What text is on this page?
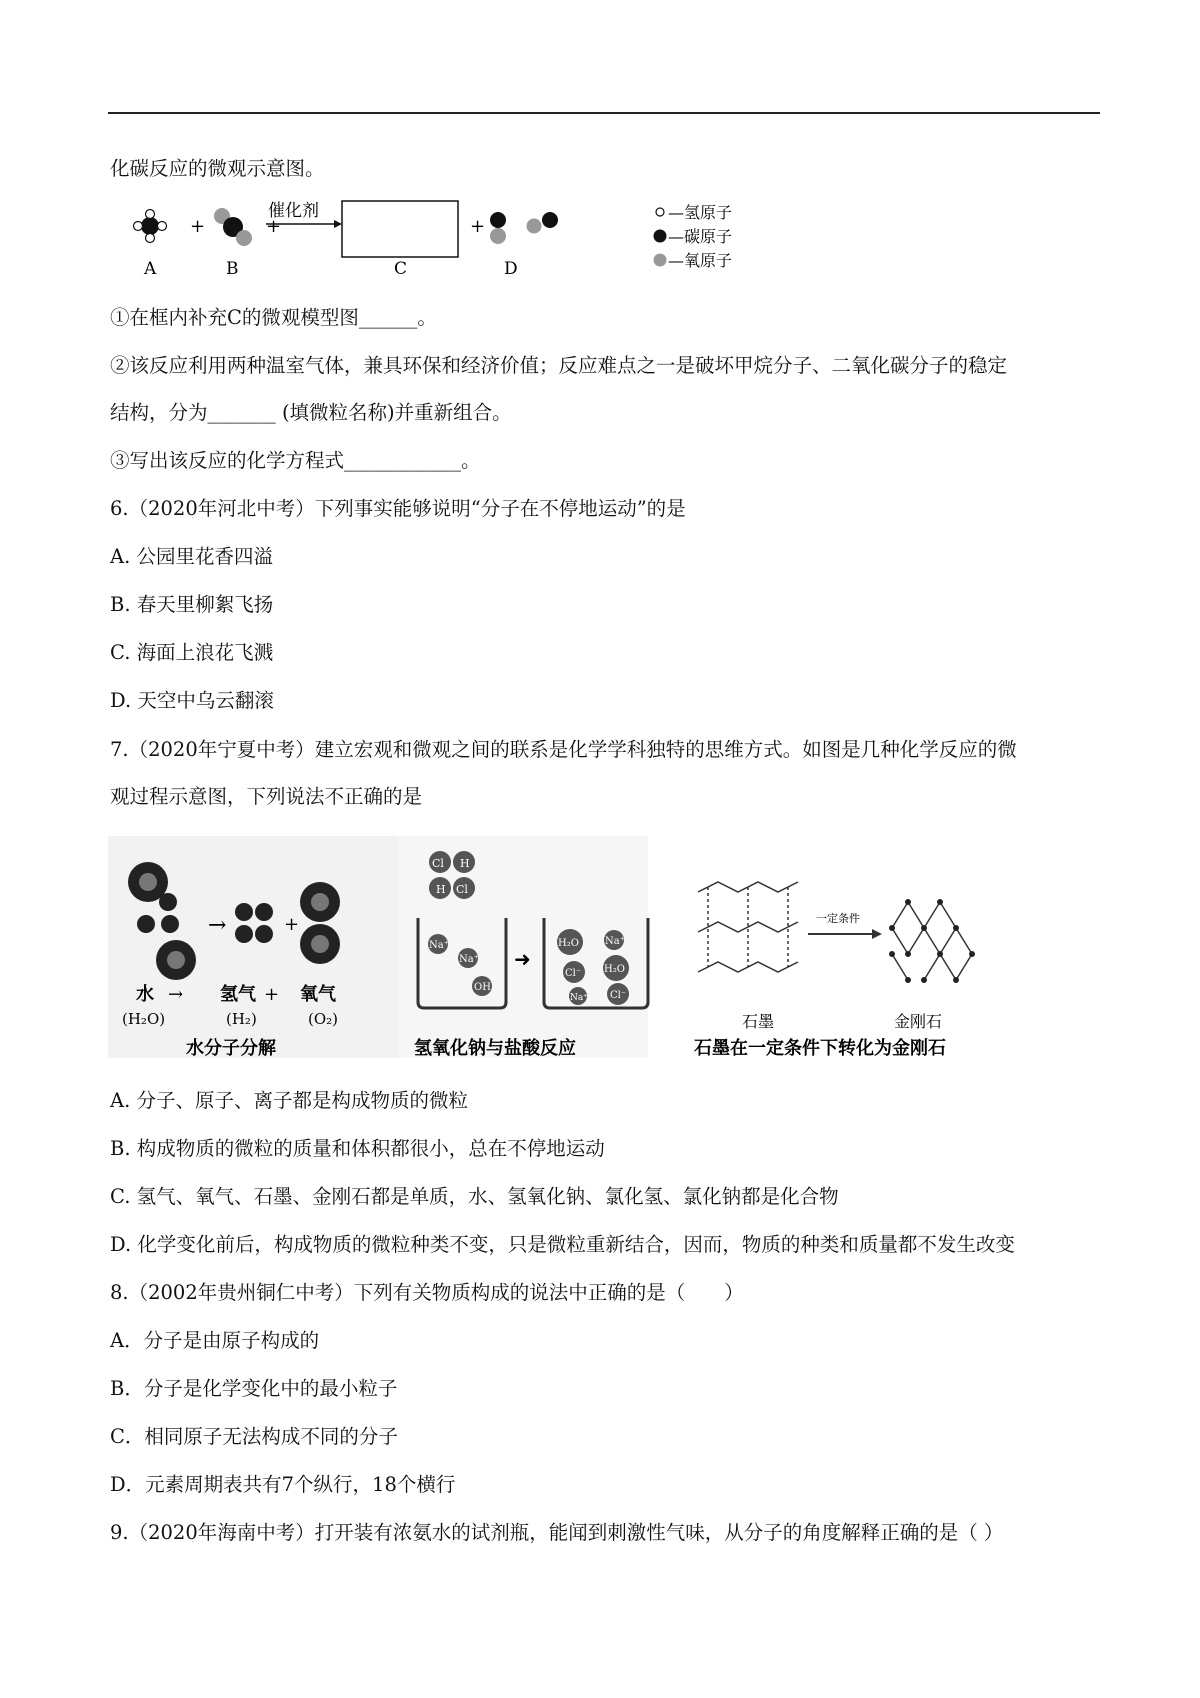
化碳反应的微观示意图。
+	+
催化剂
+
A	B	C	D
—氢原子
—碳原子
—氧原子
①在框内补充C的微观模型图______。
②该反应利用两种温室气体，兼具环保和经济价值；反应难点之一是破坏甲烷分子、二氧化碳分子的稳定
结构，分为_______ (填微粒名称)并重新组合。
③写出该反应的化学方程式____________。
6.（2020年河北中考）下列事实能够说明“分子在不停地运动”的是
A. 公园里花香四溢
B. 春天里柳絮飞扬
C. 海面上浪花飞溅
D. 天空中乌云翻滚
7.（2020年宁夏中考）建立宏观和微观之间的联系是化学学科独特的思维方式。如图是几种化学反应的微
观过程示意图，下列说法不正确的是
→	+
水 → 氢气 + 氧气
(H₂O)	(H₂)	(O₂)
水分子分解
Cl H
H Cl
Na⁺
Na⁺
OH
➜
H₂O	Na⁺
Cl⁻ H₂O
Na⁺ Cl⁻
氢氧化钠与盐酸反应
石墨
一定条件
金刚石
石墨在一定条件下转化为金刚石
A. 分子、原子、离子都是构成物质的微粒
B. 构成物质的微粒的质量和体积都很小，总在不停地运动
C. 氢气、氧气、石墨、金刚石都是单质，水、氢氧化钠、氯化氢、氯化钠都是化合物
D. 化学变化前后，构成物质的微粒种类不变，只是微粒重新结合，因而，物质的种类和质量都不发生改变
8.（2002年贵州铜仁中考）下列有关物质构成的说法中正确的是（　　）
A．分子是由原子构成的
B．分子是化学变化中的最小粒子
C．相同原子无法构成不同的分子
D．元素周期表共有7个纵行，18个横行
9.（2020年海南中考）打开装有浓氨水的试剂瓶，能闻到刺激性气味，从分子的角度解释正确的是（ ）
